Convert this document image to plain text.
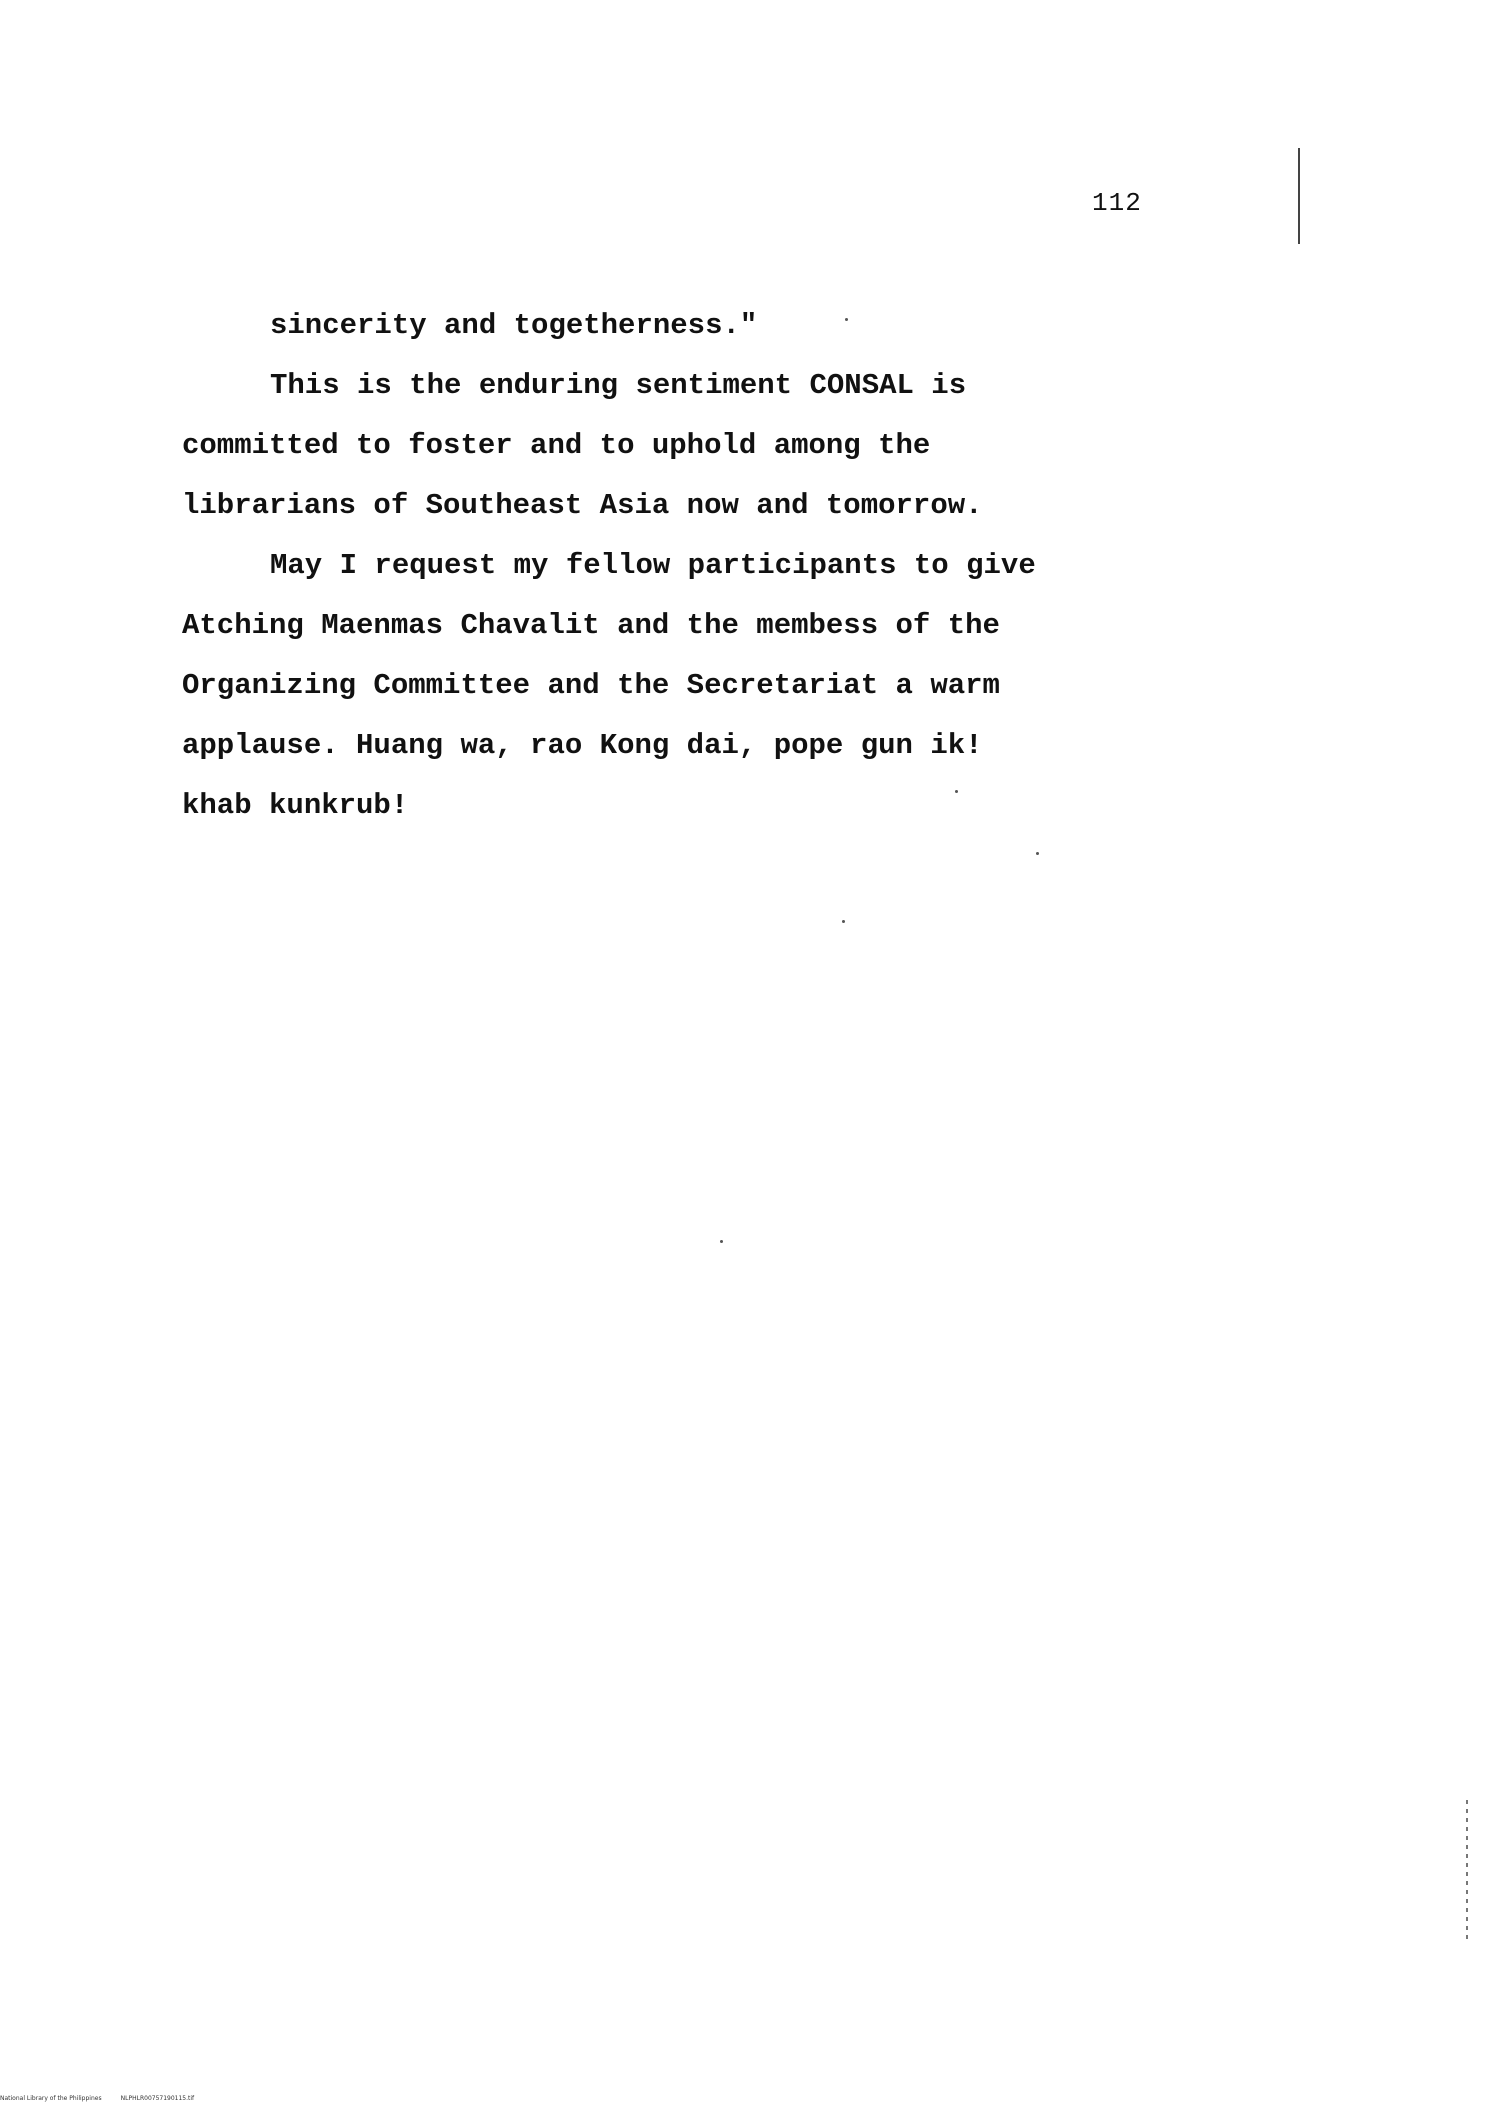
112
sincerity and togetherness."
This is the enduring sentiment CONSAL is
committed to foster and to uphold among the
librarians of Southeast Asia now and tomorrow.
May I request my fellow participants to give
Atching Maenmas Chavalit and the membess of the
Organizing Committee and the Secretariat a warm
applause. Huang wa, rao Kong dai, pope gun ik!
khab kunkrub!
National Library of the Philippines	NLPHLR00757190115.tif
